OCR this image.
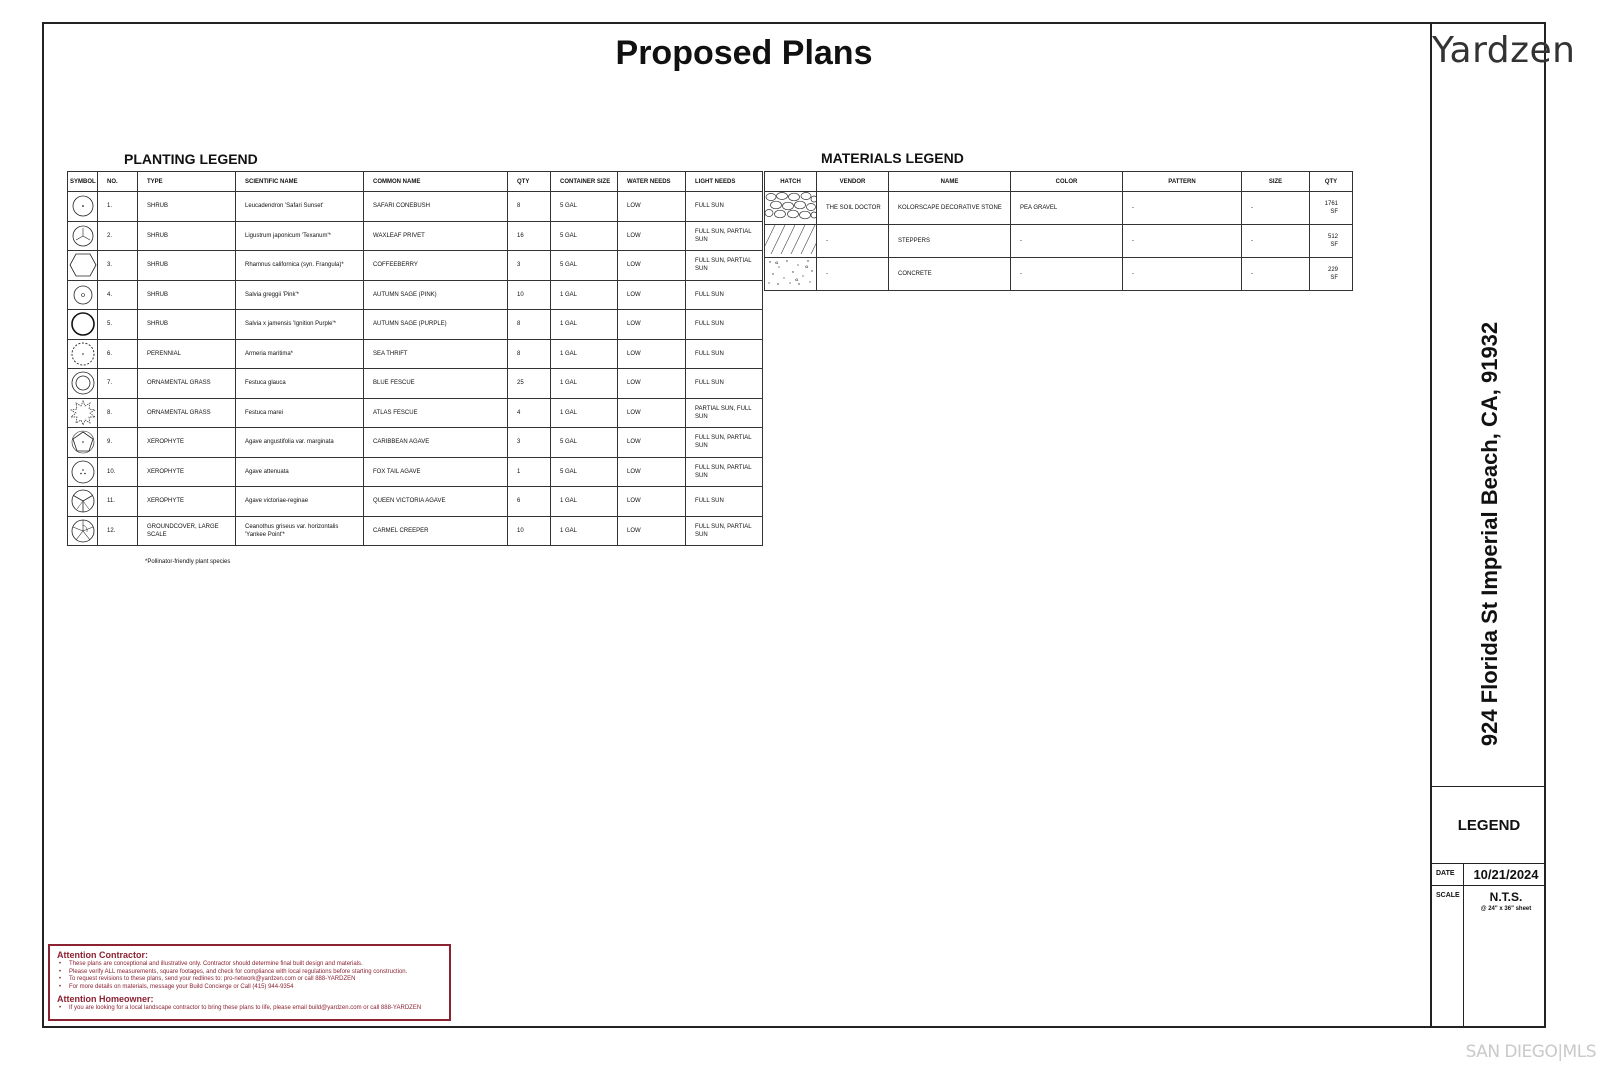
Proposed Plans
PLANTING LEGEND
SYMBOL	NO.	TYPE	SCIENTIFIC NAME	COMMON NAME	QTY	CONTAINER SIZE	WATER NEEDS	LIGHT NEEDS

	1.	SHRUB	Leucadendron 'Safari Sunset'	SAFARI CONEBUSH	8	5 GAL	LOW	FULL SUN

	2.	SHRUB	Ligustrum japonicum 'Texanum'*	WAXLEAF PRIVET	16	5 GAL	LOW	FULL SUN, PARTIAL SUN

	3.	SHRUB	Rhamnus californica (syn. Frangula)*	COFFEEBERRY	3	5 GAL	LOW	FULL SUN, PARTIAL SUN

	4.	SHRUB	Salvia greggii 'Pink'*	AUTUMN SAGE (PINK)	10	1 GAL	LOW	FULL SUN

	5.	SHRUB	Salvia x jamensis 'Ignition Purple'*	AUTUMN SAGE (PURPLE)	8	1 GAL	LOW	FULL SUN

	6.	PERENNIAL	Armeria maritima*	SEA THRIFT	8	1 GAL	LOW	FULL SUN

	7.	ORNAMENTAL GRASS	Festuca glauca	BLUE FESCUE	25	1 GAL	LOW	FULL SUN

	8.	ORNAMENTAL GRASS	Festuca marei	ATLAS FESCUE	4	1 GAL	LOW	PARTIAL SUN, FULL SUN

	9.	XEROPHYTE	Agave angustifolia var. marginata	CARIBBEAN AGAVE	3	5 GAL	LOW	FULL SUN, PARTIAL SUN

	10.	XEROPHYTE	Agave attenuata	FOX TAIL AGAVE	1	5 GAL	LOW	FULL SUN, PARTIAL SUN

	11.	XEROPHYTE	Agave victoriae-reginae	QUEEN VICTORIA AGAVE	6	1 GAL	LOW	FULL SUN

	12.	GROUNDCOVER, LARGE SCALE	Ceanothus griseus var. horizontalis 'Yankee Point'*	CARMEL CREEPER	10	1 GAL	LOW	FULL SUN, PARTIAL SUN
*Pollinator-friendly plant species
MATERIALS LEGEND
HATCH	VENDOR	NAME	COLOR	PATTERN	SIZE	QTY
	THE SOIL DOCTOR	KOLORSCAPE DECORATIVE STONE	PEA GRAVEL	-	-	1761 SF
	-	STEPPERS	-	-	-	512 SF
	-	CONCRETE	-	-	-	229 SF
Attention Contractor:
• These plans are conceptional and illustrative only. Contractor should determine final built design and materials.
• Please verify ALL measurements, square footages, and check for compliance with local regulations before starting construction.
• To request revisions to these plans, send your redlines to: pro-network@yardzen.com or call 888-YARDZEN
• For more details on materials, message your Build Concierge or Call (415) 944-9354
Attention Homeowner:
• If you are looking for a local landscape contractor to bring these plans to life, please email build@yardzen.com or call 888-YARDZEN
Yardzen
924 Florida St Imperial Beach, CA, 91932
LEGEND
DATE	10/21/2024
SCALE	N.T.S.
@ 24" x 36" sheet
SAN DIEGO|MLS
